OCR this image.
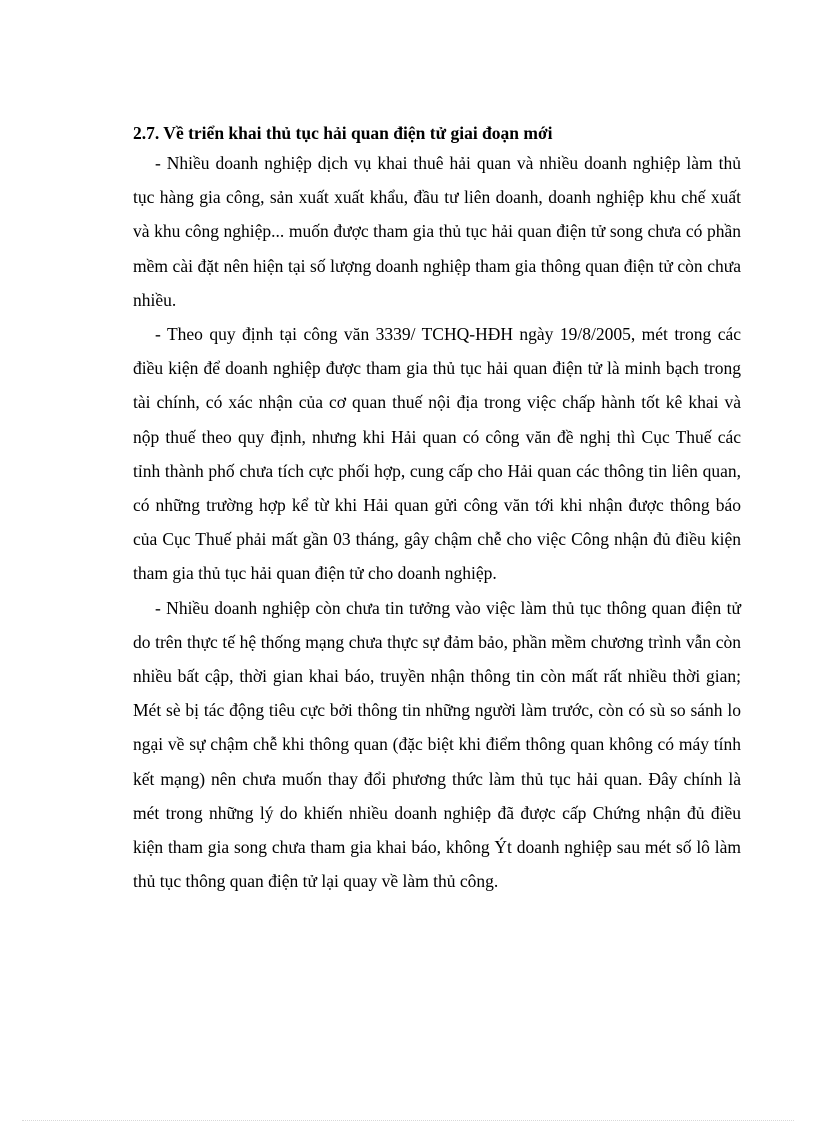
2.7. Về triển khai thủ tục hải quan điện tử giai đoạn mới

- Nhiều doanh nghiệp dịch vụ khai thuê hải quan và nhiều doanh nghiệp làm thủ tục hàng gia công, sản xuất xuất khẩu, đầu tư liên doanh, doanh nghiệp khu chế xuất và khu công nghiệp... muốn được tham gia thủ tục hải quan điện tử song chưa có phần mềm cài đặt nên hiện tại số lượng doanh nghiệp tham gia thông quan điện tử còn chưa nhiều.

- Theo quy định tại công văn 3339/ TCHQ-HĐH ngày 19/8/2005, mét trong các điều kiện để doanh nghiệp được tham gia thủ tục hải quan điện tử là minh bạch trong tài chính, có xác nhận của cơ quan thuế nội địa trong việc chấp hành tốt kê khai và nộp thuế theo quy định, nhưng khi Hải quan có công văn đề nghị thì Cục Thuế các tỉnh thành phố chưa tích cực phối hợp, cung cấp cho Hải quan các thông tin liên quan, có những trường hợp kể từ khi Hải quan gửi công văn tới khi nhận được thông báo của Cục Thuế phải mất gần 03 tháng, gây chậm chễ cho việc Công nhận đủ điều kiện tham gia thủ tục hải quan điện tử cho doanh nghiệp.

- Nhiều doanh nghiệp còn chưa tin tưởng vào việc làm thủ tục thông quan điện tử do trên thực tế hệ thống mạng chưa thực sự đảm bảo, phần mềm chương trình vẫn còn nhiều bất cập, thời gian khai báo, truyền nhận thông tin còn mất rất nhiều thời gian; Mét sè bị tác động tiêu cực bởi thông tin những người làm trước, còn có sù so sánh lo ngại về sự chậm chễ khi thông quan (đặc biệt khi điểm thông quan không có máy tính kết mạng) nên chưa muốn thay đổi phương thức làm thủ tục hải quan. Đây chính là mét trong những lý do khiến nhiều doanh nghiệp đã được cấp Chứng nhận đủ điều kiện tham gia song chưa tham gia khai báo, không Ýt doanh nghiệp sau mét số lô làm thủ tục thông quan điện tử lại quay về làm thủ công.
